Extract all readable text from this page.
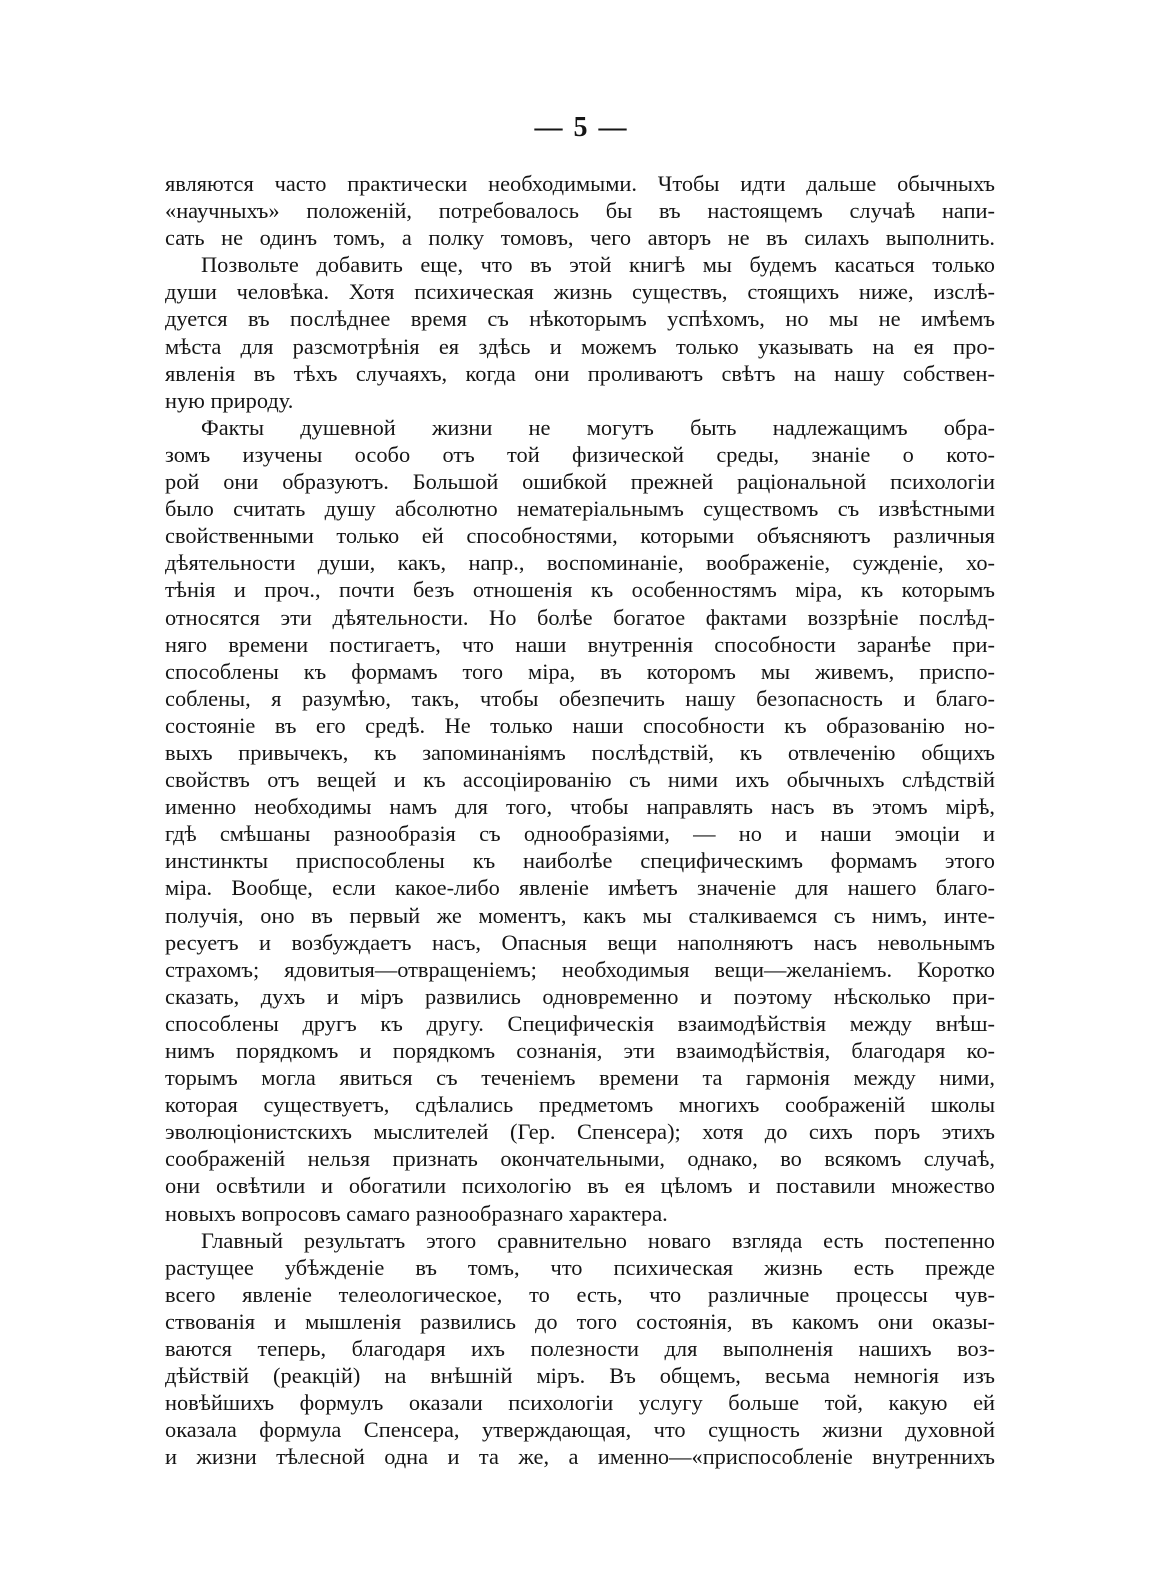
— 5 —
являются часто практически необходимыми. Чтобы идти дальше обычныхъ
«научныхъ» положеній, потребовалось бы въ настоящемъ случаѣ напи-
сать не одинъ томъ, а полку томовъ, чего авторъ не въ силахъ выполнить.
Позвольте добавить еще, что въ этой книгѣ мы будемъ касаться только
души человѣка. Хотя психическая жизнь существъ, стоящихъ ниже, изслѣ-
дуется въ послѣднее время съ нѣкоторымъ успѣхомъ, но мы не имѣемъ
мѣста для разсмотрѣнія ея здѣсь и можемъ только указывать на ея про-
явленія въ тѣхъ случаяхъ, когда они проливаютъ свѣтъ на нашу собствен-
ную природу.
Факты душевной жизни не могутъ быть надлежащимъ обра-
зомъ изучены особо отъ той физической среды, знаніе о кото-
рой они образуютъ. Большой ошибкой прежней раціональной психологіи
было считать душу абсолютно нематеріальнымъ существомъ съ извѣстными
свойственными только ей способностями, которыми объясняютъ различныя
дѣятельности души, какъ, напр., воспоминаніе, воображеніе, сужденіе, хо-
тѣнія и проч., почти безъ отношенія къ особенностямъ міра, къ которымъ
относятся эти дѣятельности. Но болѣе богатое фактами воззрѣніе послѣд-
няго времени постигаетъ, что наши внутреннія способности заранѣе при-
способлены къ формамъ того міра, въ которомъ мы живемъ, приспо-
соблены, я разумѣю, такъ, чтобы обезпечить нашу безопасность и благо-
состояніе въ его средѣ. Не только наши способности къ образованію но-
выхъ привычекъ, къ запоминаніямъ послѣдствій, къ отвлеченію общихъ
свойствъ отъ вещей и къ ассоціированію съ ними ихъ обычныхъ слѣдствій
именно необходимы намъ для того, чтобы направлять насъ въ этомъ мірѣ,
гдѣ смѣшаны разнообразія съ однообразіями, — но и наши эмоціи и
инстинкты приспособлены къ наиболѣе специфическимъ формамъ этого
міра. Вообще, если какое-либо явленіе имѣетъ значеніе для нашего благо-
получія, оно въ первый же моментъ, какъ мы сталкиваемся съ нимъ, инте-
ресуетъ и возбуждаетъ насъ, Опасныя вещи наполняютъ насъ невольнымъ
страхомъ; ядовитыя—отвращеніемъ; необходимыя вещи—желаніемъ. Коротко
сказать, духъ и міръ развились одновременно и поэтому нѣсколько при-
способлены другъ къ другу. Специфическія взаимодѣйствія между внѣш-
нимъ порядкомъ и порядкомъ сознанія, эти взаимодѣйствія, благодаря ко-
торымъ могла явиться съ теченіемъ времени та гармонія между ними,
которая существуетъ, сдѣлались предметомъ многихъ соображеній школы
эволюціонистскихъ мыслителей (Гер. Спенсера); хотя до сихъ поръ этихъ
соображеній нельзя признать окончательными, однако, во всякомъ случаѣ,
они освѣтили и обогатили психологію въ ея цѣломъ и поставили множество
новыхъ вопросовъ самаго разнообразнаго характера.
Главный результатъ этого сравнительно новаго взгляда есть постепенно
растущее убѣжденіе въ томъ, что психическая жизнь есть прежде
всего явленіе телеологическое, то есть, что различные процессы чув-
ствованія и мышленія развились до того состоянія, въ какомъ они оказы-
ваются теперь, благодаря ихъ полезности для выполненія нашихъ воз-
дѣйствій (реакцій) на внѣшній міръ. Въ общемъ, весьма немногія изъ
новѣйшихъ формулъ оказали психологіи услугу больше той, какую ей
оказала формула Спенсера, утверждающая, что сущность жизни духовной
и жизни тѣлесной одна и та же, а именно—«приспособленіе внутреннихъ
